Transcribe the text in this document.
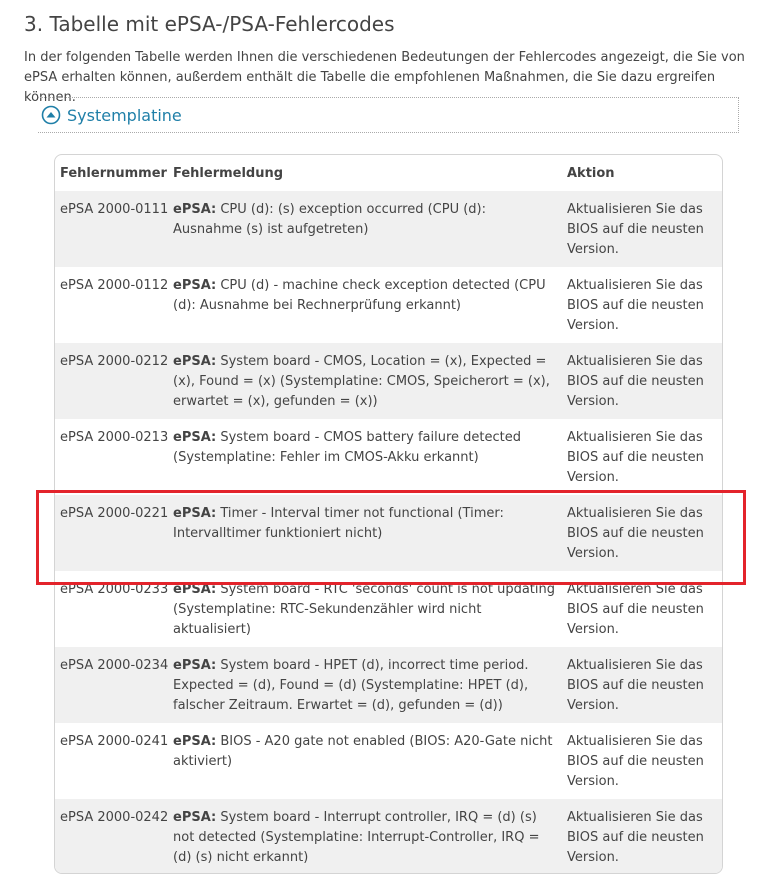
3. Tabelle mit ePSA-/PSA-Fehlercodes

In der folgenden Tabelle werden Ihnen die verschiedenen Bedeutungen der Fehlercodes angezeigt, die Sie von ePSA erhalten können, außerdem enthält die Tabelle die empfohlenen Maßnahmen, die Sie dazu ergreifen können.

Systemplatine
Fehlernummer	Fehlermeldung	Aktion

ePSA 2000-0111	ePSA: CPU (d): (s) exception occurred (CPU (d): Ausnahme (s) ist aufgetreten)	Aktualisieren Sie das BIOS auf die neusten Version.

ePSA 2000-0112	ePSA: CPU (d) - machine check exception detected (CPU (d): Ausnahme bei Rechnerprüfung erkannt)	Aktualisieren Sie das BIOS auf die neusten Version.

ePSA 2000-0212	ePSA: System board - CMOS, Location = (x), Expected = (x), Found = (x) (Systemplatine: CMOS, Speicherort = (x), erwartet = (x), gefunden = (x))	Aktualisieren Sie das BIOS auf die neusten Version.

ePSA 2000-0213	ePSA: System board - CMOS battery failure detected (Systemplatine: Fehler im CMOS-Akku erkannt)	Aktualisieren Sie das BIOS auf die neusten Version.

ePSA 2000-0221	ePSA: Timer - Interval timer not functional (Timer: Intervalltimer funktioniert nicht)	Aktualisieren Sie das BIOS auf die neusten Version.

ePSA 2000-0233	ePSA: System board - RTC 'seconds' count is not updating (Systemplatine: RTC-Sekundenzähler wird nicht aktualisiert)	Aktualisieren Sie das BIOS auf die neusten Version.

ePSA 2000-0234	ePSA: System board - HPET (d), incorrect time period. Expected = (d), Found = (d) (Systemplatine: HPET (d), falscher Zeitraum. Erwartet = (d), gefunden = (d))	Aktualisieren Sie das BIOS auf die neusten Version.

ePSA 2000-0241	ePSA: BIOS - A20 gate not enabled (BIOS: A20-Gate nicht aktiviert)	Aktualisieren Sie das BIOS auf die neusten Version.

ePSA 2000-0242	ePSA: System board - Interrupt controller, IRQ = (d) (s) not detected (Systemplatine: Interrupt-Controller, IRQ = (d) (s) nicht erkannt)	Aktualisieren Sie das BIOS auf die neusten Version.
